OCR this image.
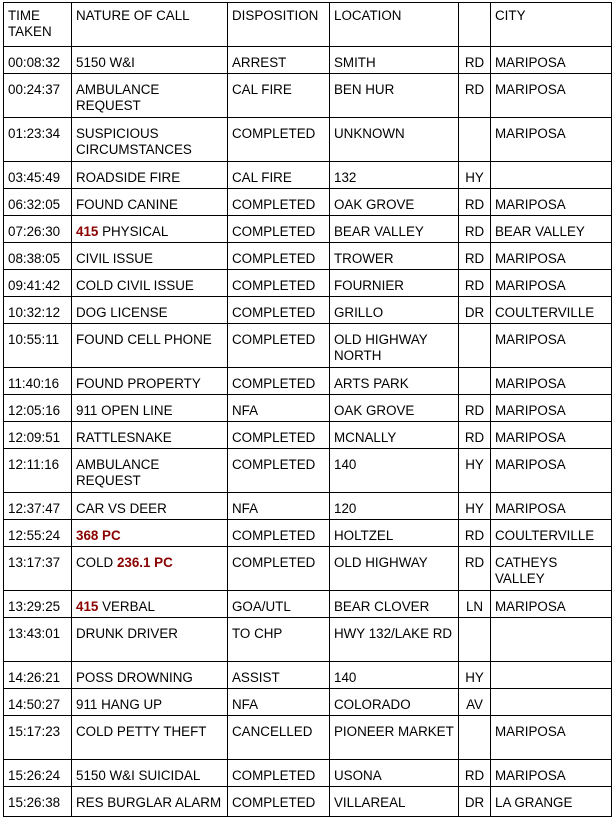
TIME TAKEN	NATURE OF CALL	DISPOSITION	LOCATION		CITY
00:08:32	5150 W&I	ARREST	SMITH	RD	MARIPOSA
00:24:37	AMBULANCE REQUEST	CAL FIRE	BEN HUR	RD	MARIPOSA
01:23:34	SUSPICIOUS CIRCUMSTANCES	COMPLETED	UNKNOWN		MARIPOSA
03:45:49	ROADSIDE FIRE	CAL FIRE	132	HY	
06:32:05	FOUND CANINE	COMPLETED	OAK GROVE	RD	MARIPOSA
07:26:30	415 PHYSICAL	COMPLETED	BEAR VALLEY	RD	BEAR VALLEY
08:38:05	CIVIL ISSUE	COMPLETED	TROWER	RD	MARIPOSA
09:41:42	COLD CIVIL ISSUE	COMPLETED	FOURNIER	RD	MARIPOSA
10:32:12	DOG LICENSE	COMPLETED	GRILLO	DR	COULTERVILLE
10:55:11	FOUND CELL PHONE	COMPLETED	OLD HIGHWAY NORTH		MARIPOSA
11:40:16	FOUND PROPERTY	COMPLETED	ARTS PARK		MARIPOSA
12:05:16	911 OPEN LINE	NFA	OAK GROVE	RD	MARIPOSA
12:09:51	RATTLESNAKE	COMPLETED	MCNALLY	RD	MARIPOSA
12:11:16	AMBULANCE REQUEST	COMPLETED	140	HY	MARIPOSA
12:37:47	CAR VS DEER	NFA	120	HY	MARIPOSA
12:55:24	368 PC	COMPLETED	HOLTZEL	RD	COULTERVILLE
13:17:37	COLD 236.1 PC	COMPLETED	OLD HIGHWAY	RD	CATHEYS VALLEY
13:29:25	415 VERBAL	GOA/UTL	BEAR CLOVER	LN	MARIPOSA
13:43:01	DRUNK DRIVER	TO CHP	HWY 132/LAKE RD		
14:26:21	POSS DROWNING	ASSIST	140	HY	
14:50:27	911 HANG UP	NFA	COLORADO	AV	
15:17:23	COLD PETTY THEFT	CANCELLED	PIONEER MARKET		MARIPOSA
15:26:24	5150 W&I SUICIDAL	COMPLETED	USONA	RD	MARIPOSA
15:26:38	RES BURGLAR ALARM	COMPLETED	VILLAREAL	DR	LA GRANGE
